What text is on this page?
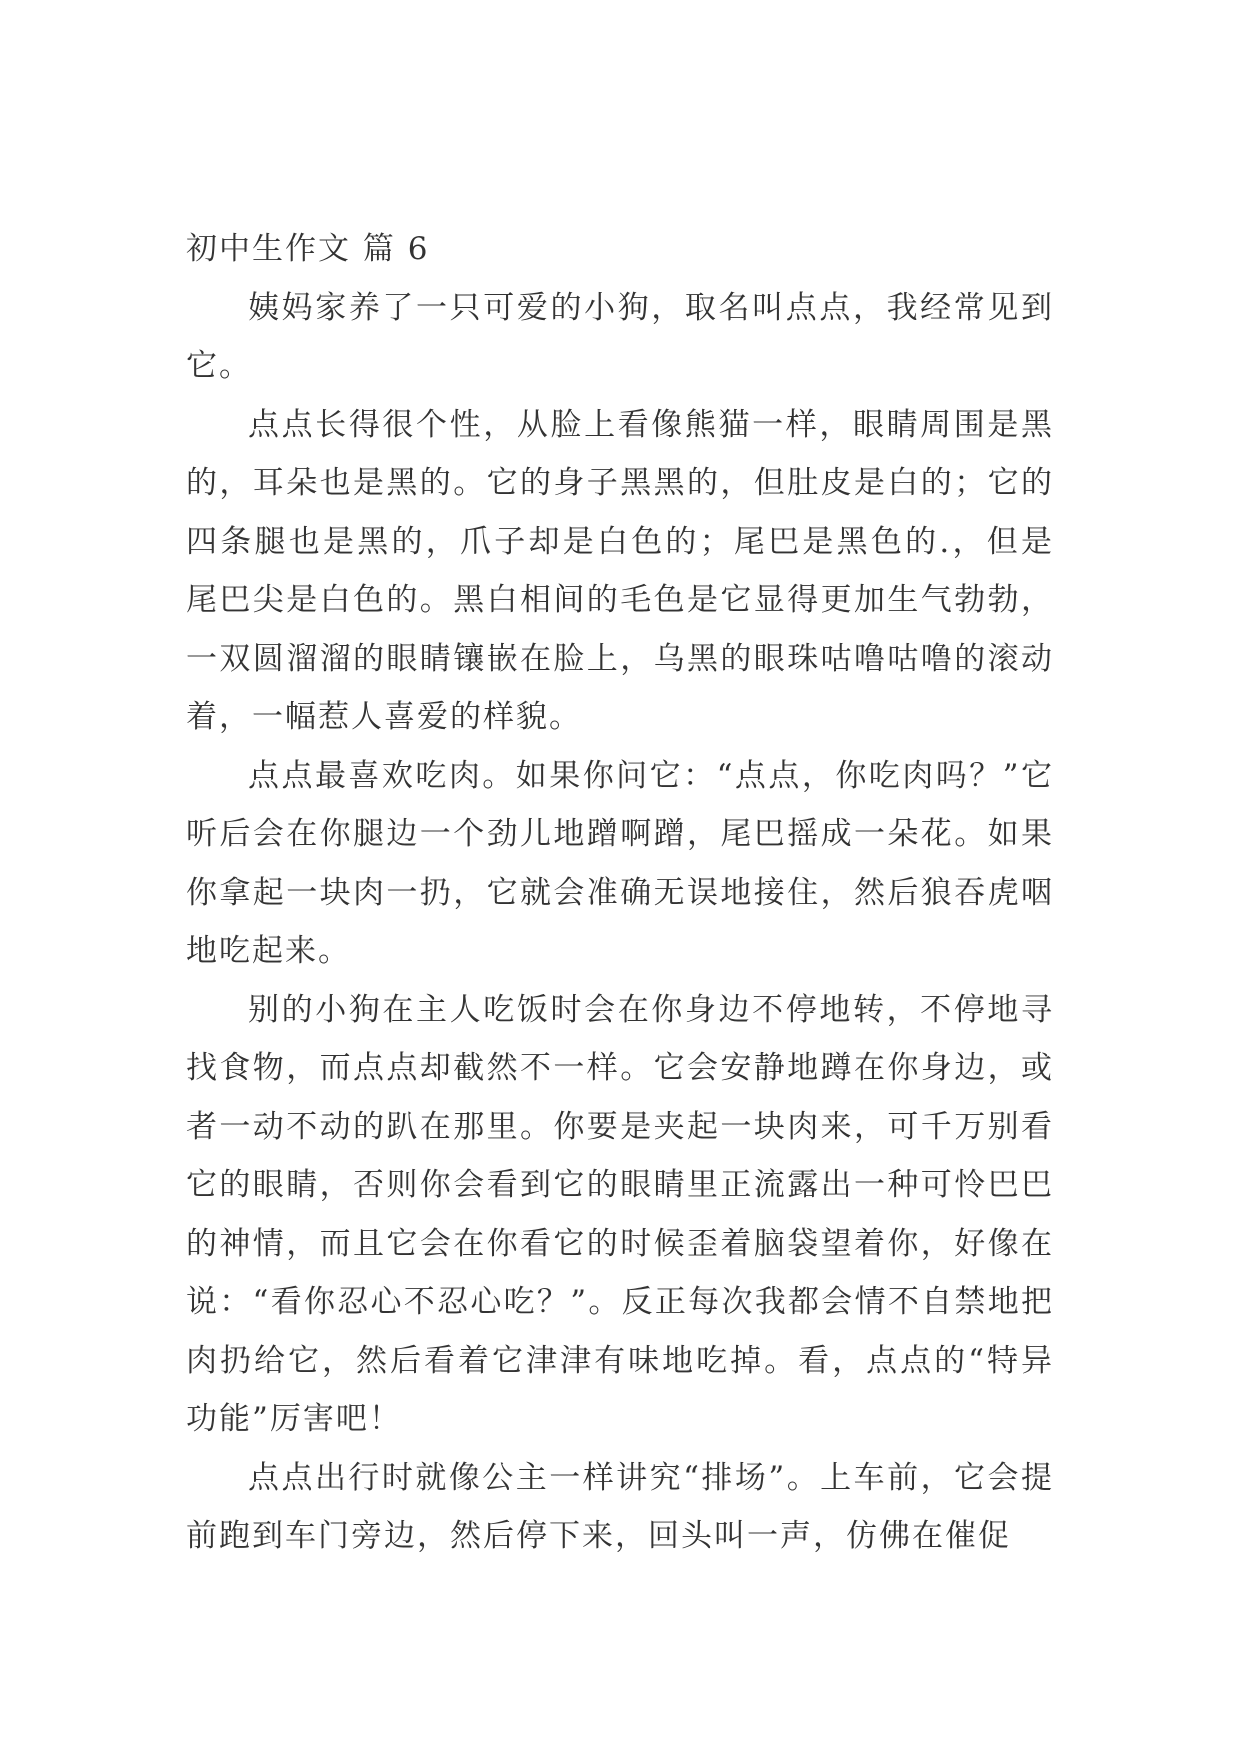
初中生作文 篇 6

姨妈家养了一只可爱的小狗，取名叫点点，我经常见到它。

点点长得很个性，从脸上看像熊猫一样，眼睛周围是黑的，耳朵也是黑的。它的身子黑黑的，但肚皮是白的；它的四条腿也是黑的，爪子却是白色的；尾巴是黑色的.，但是尾巴尖是白色的。黑白相间的毛色是它显得更加生气勃勃，一双圆溜溜的眼睛镶嵌在脸上，乌黑的眼珠咕噜咕噜的滚动着，一幅惹人喜爱的样貌。

点点最喜欢吃肉。如果你问它：“点点，你吃肉吗？”它听后会在你腿边一个劲儿地蹭啊蹭，尾巴摇成一朵花。如果你拿起一块肉一扔，它就会准确无误地接住，然后狼吞虎咽地吃起来。

别的小狗在主人吃饭时会在你身边不停地转，不停地寻找食物，而点点却截然不一样。它会安静地蹲在你身边，或者一动不动的趴在那里。你要是夹起一块肉来，可千万别看它的眼睛，否则你会看到它的眼睛里正流露出一种可怜巴巴的神情，而且它会在你看它的时候歪着脑袋望着你，好像在说：“看你忍心不忍心吃？”。反正每次我都会情不自禁地把肉扔给它，然后看着它津津有味地吃掉。看，点点的“特异功能”厉害吧！

点点出行时就像公主一样讲究“排场”。上车前，它会提前跑到车门旁边，然后停下来，回头叫一声，仿佛在催促
